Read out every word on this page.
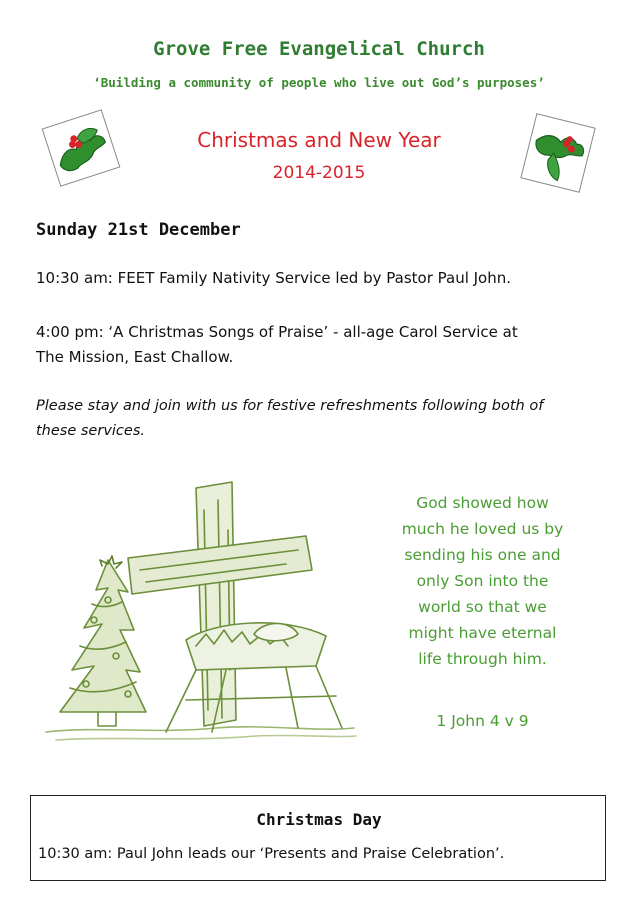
Grove Free Evangelical Church
‘Building a community of people who live out God’s purposes’
Christmas and New Year
2014-2015
Sunday 21st December
10:30 am: FEET Family Nativity Service led by Pastor Paul John.
4:00 pm: ‘A Christmas Songs of Praise’ - all-age Carol Service at
The Mission, East Challow.
Please stay and join with us for festive refreshments following both of
these services.
God showed how
much he loved us by
sending his one and
only Son into the
world so that we
might have eternal
life through him.
1 John 4 v 9
Christmas Day
10:30 am: Paul John leads our ‘Presents and Praise Celebration’.
